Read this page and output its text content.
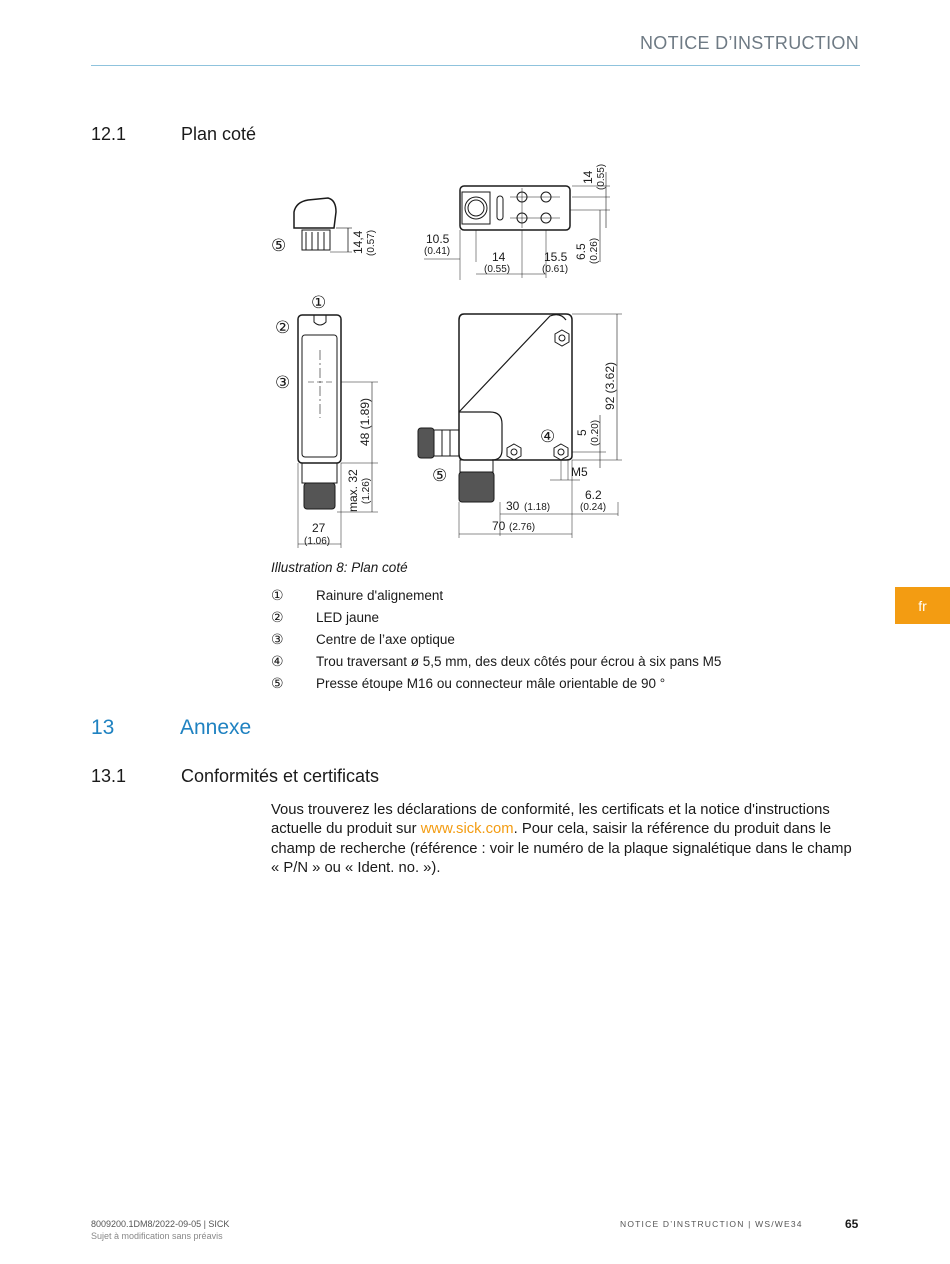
NOTICE D’INSTRUCTION
fr
12.1	Plan coté
10.5
(0.41)	14
(0.55)
15.5
(0.61)
M5
6.2
(0.24)
30 (1.18)
70 (2.76)
27
(1.06)
14 (0.55)
14,4 (0.57)	6.5 (0.26)
92 (3.62)
48 (1.89)
max. 32 (1.26)
5 (0.20)
⑤
①
②
③
④
⑤
Illustration 8: Plan coté
①	Rainure d'alignement
②	LED jaune
③	Centre de l’axe optique
④	Trou traversant ø 5,5 mm, des deux côtés pour écrou à six pans M5
⑤	Presse étoupe M16 ou connecteur mâle orientable de 90 °
13	Annexe
13.1	Conformités et certificats
Vous trouverez les déclarations de conformité, les certificats et la notice d'instructions actuelle du produit sur www.sick.com. Pour cela, saisir la référence du produit dans le champ de recherche (référence : voir le numéro de la plaque signalétique dans le champ « P/N » ou « Ident. no. »).
8009200.1DM8/2022-09-05 | SICK
Sujet à modification sans préavis
NOTICE D’INSTRUCTION | WS/WE34	65
